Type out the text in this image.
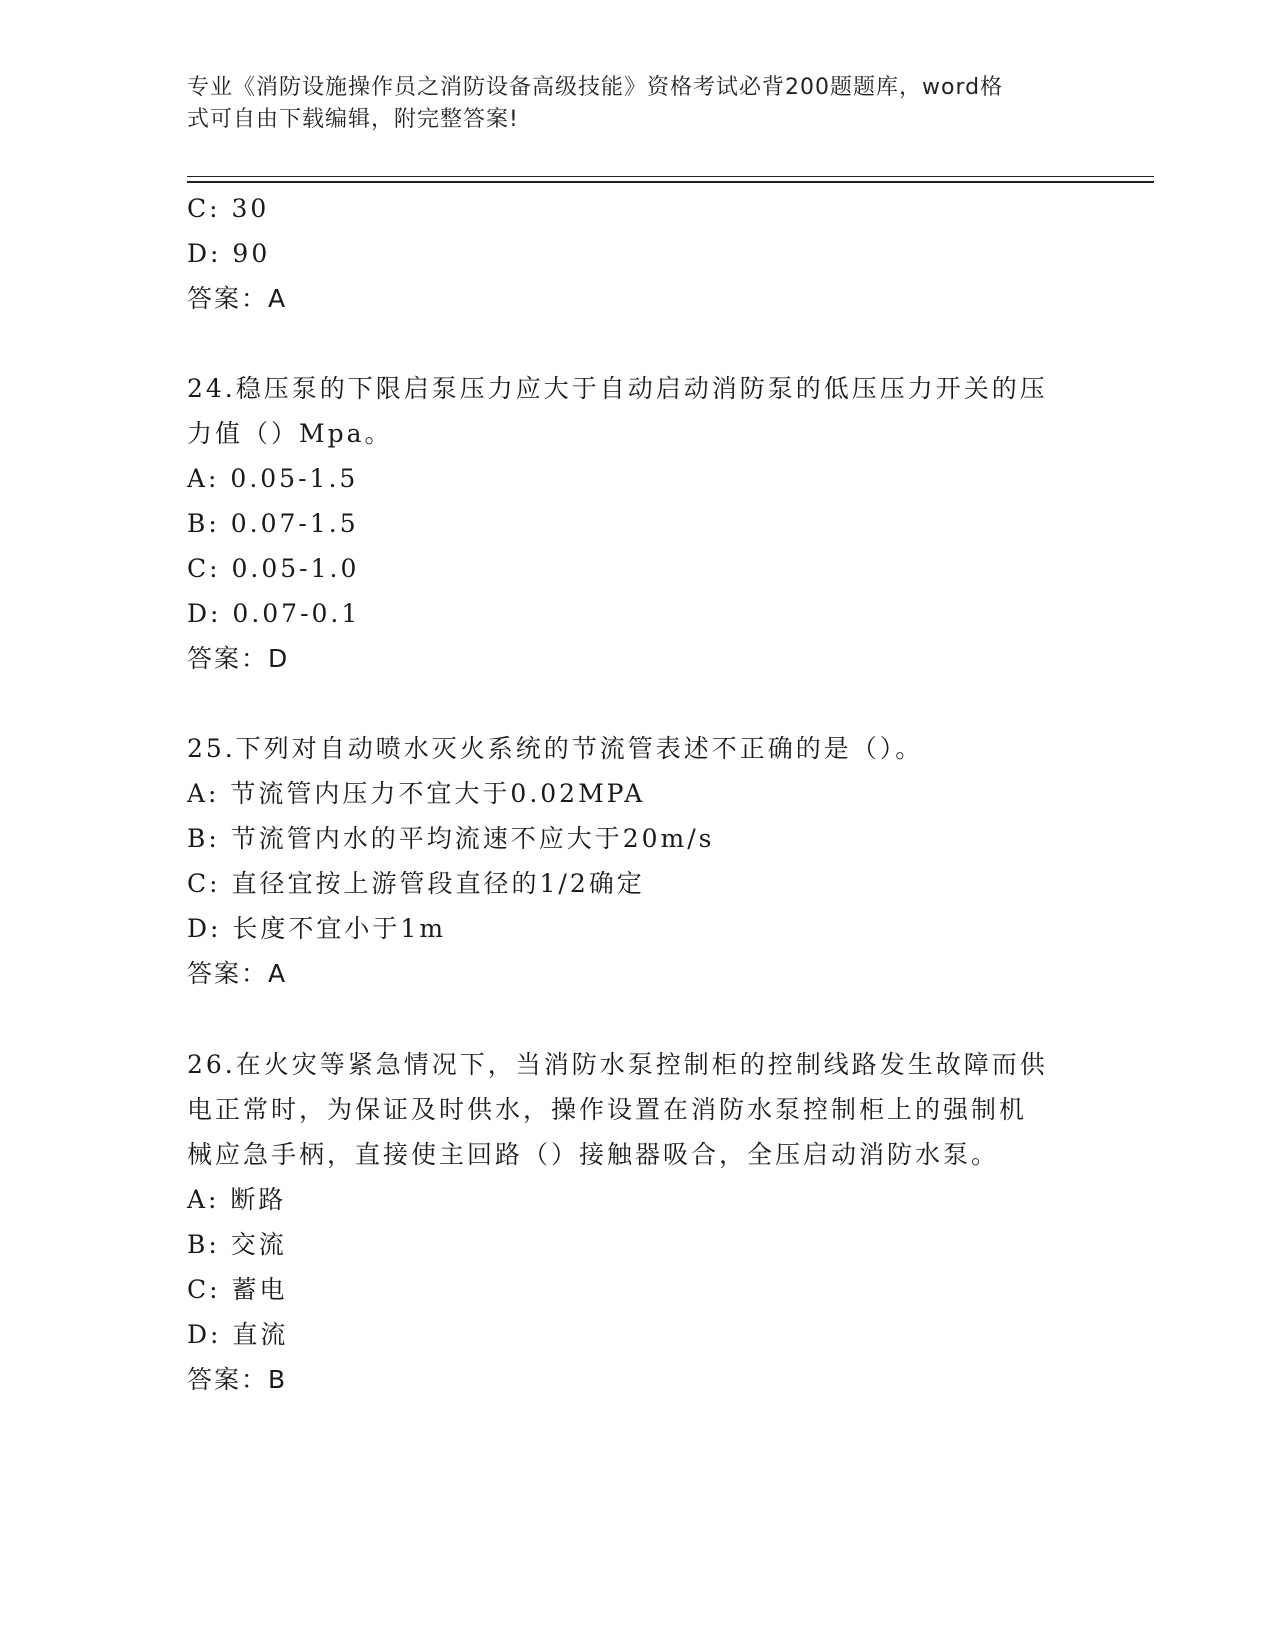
专业《消防设施操作员之消防设备高级技能》资格考试必背200题题库，word格
式可自由下载编辑，附完整答案!
C: 30
D: 90
答案：A
24.稳压泵的下限启泵压力应大于自动启动消防泵的低压压力开关的压
力值（）Mpa。
A: 0.05-1.5
B: 0.07-1.5
C: 0.05-1.0
D: 0.07-0.1
答案：D
25.下列对自动喷水灭火系统的节流管表述不正确的是（）。
A: 节流管内压力不宜大于0.02MPA
B: 节流管内水的平均流速不应大于20m/s
C: 直径宜按上游管段直径的1/2确定
D: 长度不宜小于1m
答案：A
26.在火灾等紧急情况下，当消防水泵控制柜的控制线路发生故障而供
电正常时，为保证及时供水，操作设置在消防水泵控制柜上的强制机
械应急手柄，直接使主回路（）接触器吸合，全压启动消防水泵。
A: 断路
B: 交流
C: 蓄电
D: 直流
答案：B
